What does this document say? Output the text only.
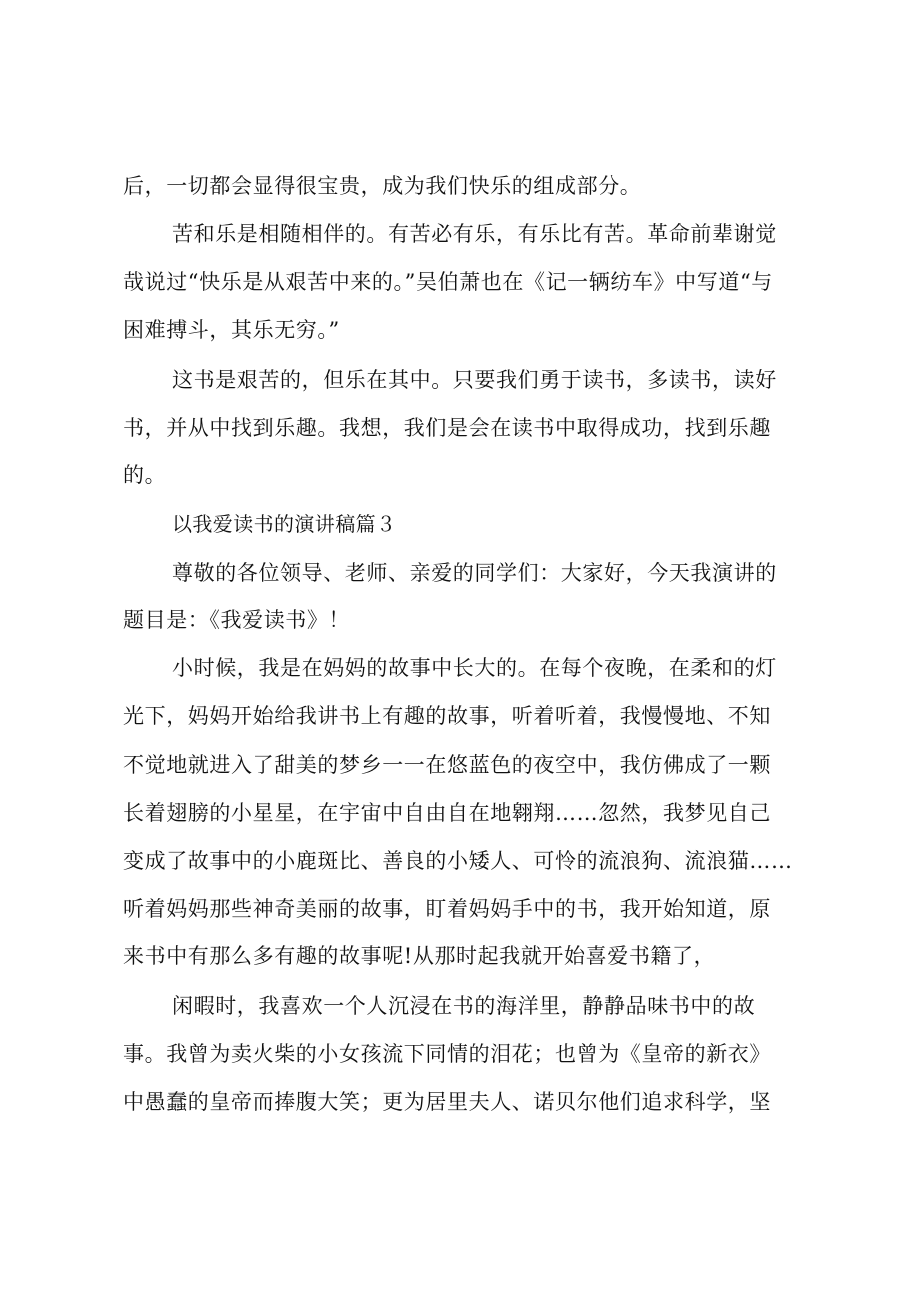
后，一切都会显得很宝贵，成为我们快乐的组成部分。
苦和乐是相随相伴的。有苦必有乐，有乐比有苦。革命前辈谢觉
哉说过“快乐是从艰苦中来的。”吴伯萧也在《记一辆纺车》中写道“与
困难搏斗，其乐无穷。”
这书是艰苦的，但乐在其中。只要我们勇于读书，多读书，读好
书，并从中找到乐趣。我想，我们是会在读书中取得成功，找到乐趣
的。
以我爱读书的演讲稿篇３
尊敬的各位领导、老师、亲爱的同学们：大家好，今天我演讲的
题目是：《我爱读书》！
小时候，我是在妈妈的故事中长大的。在每个夜晚，在柔和的灯
光下，妈妈开始给我讲书上有趣的故事，听着听着，我慢慢地、不知
不觉地就进入了甜美的梦乡一一在悠蓝色的夜空中，我仿佛成了一颗
长着翅膀的小星星，在宇宙中自由自在地翱翔……忽然，我梦见自己
变成了故事中的小鹿斑比、善良的小矮人、可怜的流浪狗、流浪猫……
听着妈妈那些神奇美丽的故事，盯着妈妈手中的书，我开始知道，原
来书中有那么多有趣的故事呢!从那时起我就开始喜爱书籍了，
闲暇时，我喜欢一个人沉浸在书的海洋里，静静品味书中的故
事。我曾为卖火柴的小女孩流下同情的泪花；也曾为《皇帝的新衣》
中愚蠢的皇帝而捧腹大笑；更为居里夫人、诺贝尔他们追求科学，坚
